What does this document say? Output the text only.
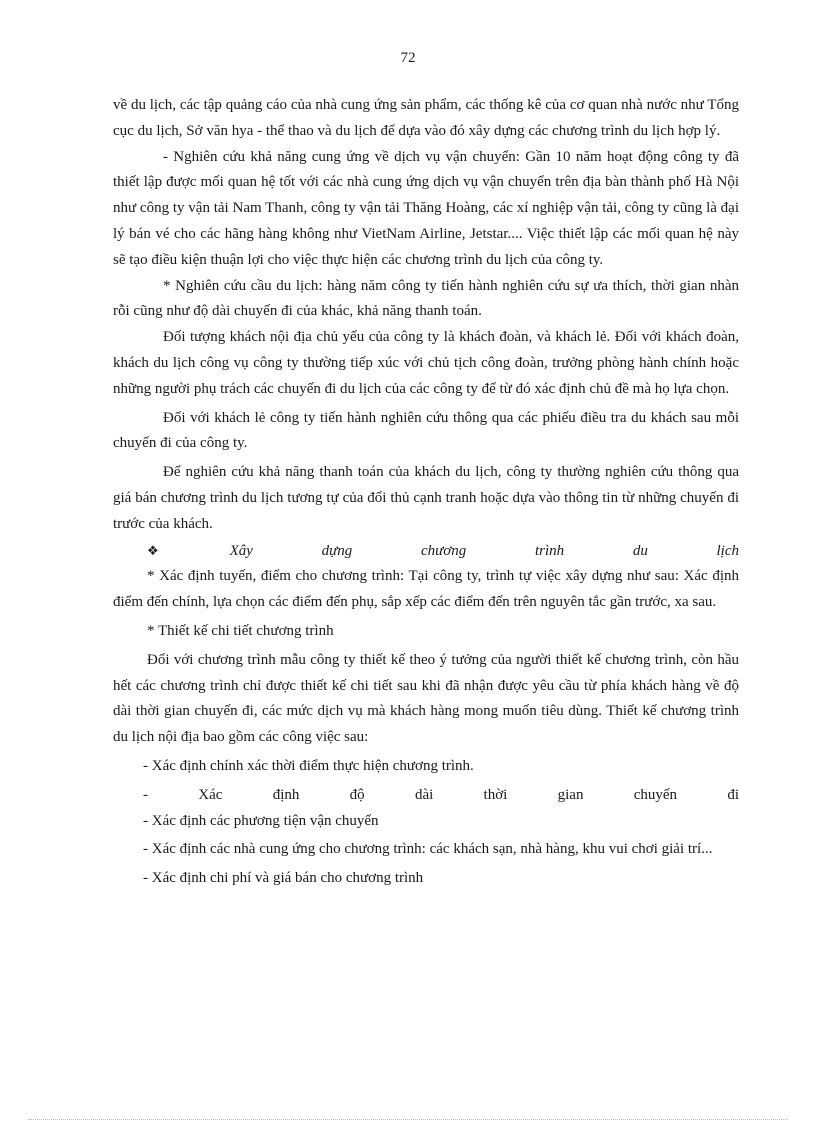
72

về du lịch, các tập quảng cáo của nhà cung ứng sản phẩm, các thống kê của cơ quan nhà nước như Tổng cục du lịch, Sở văn hya - thể thao và du lịch để dựa vào đó xây dựng các chương trình du lịch hợp lý.

- Nghiên cứu khả năng cung ứng về dịch vụ vận chuyển: Gần 10 năm hoạt động công ty đã thiết lập được mối quan hệ tốt với các nhà cung ứng dịch vụ vận chuyển trên địa bàn thành phố Hà Nội như công ty vận tải Nam Thanh, công ty vận tải Thăng Hoàng, các xí nghiệp vận tải, công ty cũng là đại lý bán vé cho các hãng hàng không như VietNam Airline, Jetstar.... Việc thiết lập các mối quan hệ này sẽ tạo điều kiện thuận lợi cho việc thực hiện các chương trình du lịch của công ty.

* Nghiên cứu cầu du lịch: hàng năm công ty tiến hành nghiên cứu sự ưa thích, thời gian nhàn rỗi cũng như độ dài chuyến đi của khác, khả năng thanh toán.

Đối tượng khách nội địa chủ yếu của công ty là khách đoàn, và khách lẻ. Đối với khách đoàn, khách du lịch công vụ công ty thường tiếp xúc với chủ tịch công đoàn, trưởng phòng hành chính hoặc những người phụ trách các chuyến đi du lịch của các công ty để từ đó xác định chủ đề mà họ lựa chọn.

Đối với khách lẻ công ty tiến hành nghiên cứu thông qua các phiếu điều tra du khách sau mỗi chuyến đi của công ty.

Để nghiên cứu khả năng thanh toán của khách du lịch, công ty thường nghiên cứu thông qua giá bán chương trình du lịch tương tự của đối thủ cạnh tranh hoặc dựa vào thông tin từ những chuyến đi trước của khách.

❖ Xây dựng chương trình du lịch

* Xác định tuyến, điểm cho chương trình: Tại công ty, trình tự việc xây dựng như sau: Xác định điểm đến chính, lựa chọn các điểm đến phụ, sắp xếp các điểm đến trên nguyên tắc gần trước, xa sau.

* Thiết kế chi tiết chương trình

Đối với chương trình mẫu công ty thiết kế theo ý tưởng của người thiết kế chương trình, còn hầu hết các chương trình chỉ được thiết kế chi tiết sau khi đã nhận được yêu cầu từ phía khách hàng về độ dài thời gian chuyến đi, các mức dịch vụ mà khách hàng mong muốn tiêu dùng. Thiết kế chương trình du lịch nội địa bao gồm các công việc sau:

- Xác định chính xác thời điểm thực hiện chương trình.

- Xác định độ dài thời gian chuyến đi

- Xác định các phương tiện vận chuyển

- Xác định các nhà cung ứng cho chương trình: các khách sạn, nhà hàng, khu vui chơi giải trí...

- Xác định chi phí và giá bán cho chương trình
